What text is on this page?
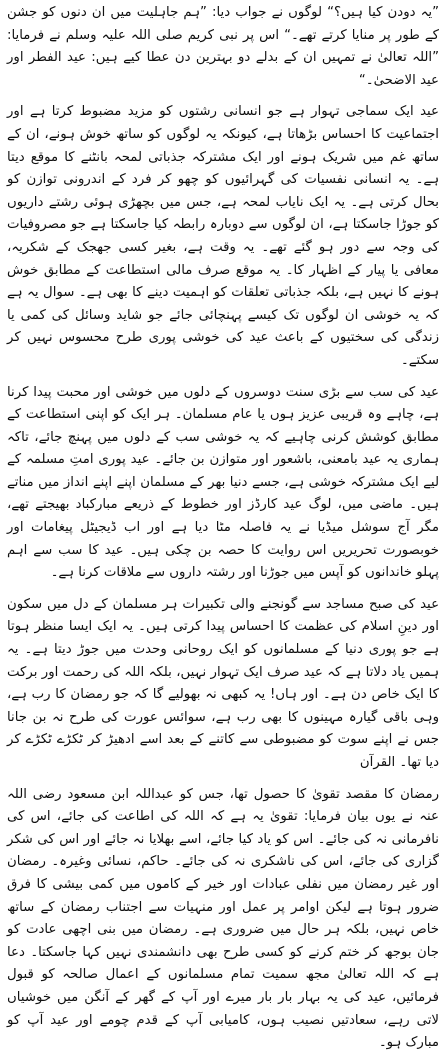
”یہ دودن کیا ہیں؟“ لوگوں نے جواب دیا: ”ہم جاہلیت میں ان دنوں کو جشن کے طور پر منایا کرتے تھے۔“ اس پر نبی کریم صلی اللہ علیہ وسلم نے فرمایا: ”اللہ تعالیٰ نے تمہیں ان کے بدلے دو بہترین دن عطا کیے ہیں: عید الفطر اور عید الاضحیٰ۔“

عید ایک سماجی تہوار ہے جو انسانی رشتوں کو مزید مضبوط کرتا ہے اور اجتماعیت کا احساس بڑھاتا ہے، کیونکہ یہ لوگوں کو ساتھ خوش ہونے، ان کے ساتھ غم میں شریک ہونے اور ایک مشترکہ جذباتی لمحہ بانٹنے کا موقع دیتا ہے۔ یہ انسانی نفسیات کی گہرائیوں کو چھو کر فرد کے اندرونی توازن کو بحال کرتی ہے۔ یہ ایک نایاب لمحہ ہے، جس میں بچھڑی ہوئی رشتے داریوں کو جوڑا جاسکتا ہے، ان لوگوں سے دوبارہ رابطہ کیا جاسکتا ہے جو مصروفیات کی وجہ سے دور ہو گئے تھے۔ یہ وقت ہے، بغیر کسی جھجک کے شکریہ، معافی یا پیار کے اظہار کا۔ یہ موقع صرف مالی استطاعت کے مطابق خوش ہونے کا نہیں ہے، بلکہ جذباتی تعلقات کو اہمیت دینے کا بھی ہے۔ سوال یہ ہے کہ یہ خوشی ان لوگوں تک کیسے پہنچائی جائے جو شاید وسائل کی کمی یا زندگی کی سختیوں کے باعث عید کی خوشی پوری طرح محسوس نہیں کر سکتے۔

عید کی سب سے بڑی سنت دوسروں کے دلوں میں خوشی اور محبت پیدا کرنا ہے، چاہے وہ قریبی عزیز ہوں یا عام مسلمان۔ ہر ایک کو اپنی استطاعت کے مطابق کوشش کرنی چاہیے کہ یہ خوشی سب کے دلوں میں پہنچ جائے، تاکہ ہماری یہ عید بامعنی، باشعور اور متوازن بن جائے۔ عید پوری امتِ مسلمہ کے لیے ایک مشترکہ خوشی ہے، جسے دنیا بھر کے مسلمان اپنے اپنے انداز میں مناتے ہیں۔ ماضی میں، لوگ عید کارڈز اور خطوط کے ذریعے مبارکباد بھیجتے تھے، مگر آج سوشل میڈیا نے یہ فاصلہ مٹا دیا ہے اور اب ڈیجیٹل پیغامات اور خوبصورت تحریریں اس روایت کا حصہ بن چکی ہیں۔ عید کا سب سے اہم پہلو خاندانوں کو آپس میں جوڑنا اور رشتہ داروں سے ملاقات کرنا ہے۔

عید کی صبح مساجد سے گونجنے والی تکبیرات ہر مسلمان کے دل میں سکون اور دینِ اسلام کی عظمت کا احساس پیدا کرتی ہیں۔ یہ ایک ایسا منظر ہوتا ہے جو پوری دنیا کے مسلمانوں کو ایک روحانی وحدت میں جوڑ دیتا ہے۔ یہ ہمیں یاد دلاتا ہے کہ عید صرف ایک تہوار نہیں، بلکہ اللہ کی رحمت اور برکت کا ایک خاص دن ہے۔ اور ہاں! یہ کبھی نہ بھولیے گا کہ جو رمضان کا رب ہے، وہی باقی گیارہ مہینوں کا بھی رب ہے، سوائس عورت کی طرح نہ بن جانا جس نے اپنے سوت کو مضبوطی سے کاتنے کے بعد اسے ادھیڑ کر ٹکڑے ٹکڑے کر دیا تھا۔ القرآن

رمضان کا مقصد تقویٰ کا حصول تھا، جس کو عبداللہ ابن مسعود رضی اللہ عنہ نے یوں بیان فرمایا: تقویٰ یہ ہے کہ اللہ کی اطاعت کی جائے، اس کی نافرمانی نہ کی جائے۔ اس کو یاد کیا جائے، اسے بھلایا نہ جائے اور اس کی شکر گزاری کی جائے، اس کی ناشکری نہ کی جائے۔ حاکم، نسائی وغیرہ۔ رمضان اور غیر رمضان میں نفلی عبادات اور خیر کے کاموں میں کمی بیشی کا فرق ضرور ہوتا ہے لیکن اوامر پر عمل اور منہیات سے اجتناب رمضان کے ساتھ خاص نہیں، بلکہ ہر حال میں ضروری ہے۔ رمضان میں بنی اچھی عادت کو جان بوجھ کر ختم کرنے کو کسی طرح بھی دانشمندی نہیں کہا جاسکتا۔ دعا ہے کہ اللہ تعالیٰ مجھ سمیت تمام مسلمانوں کے اعمال صالحہ کو قبول فرمائیں، عید کی یہ بہار بار بار میرے اور آپ کے گھر کے آنگن میں خوشیاں لاتی رہے، سعادتیں نصیب ہوں، کامیابی آپ کے قدم چومے اور عید آپ کو مبارک ہو۔
